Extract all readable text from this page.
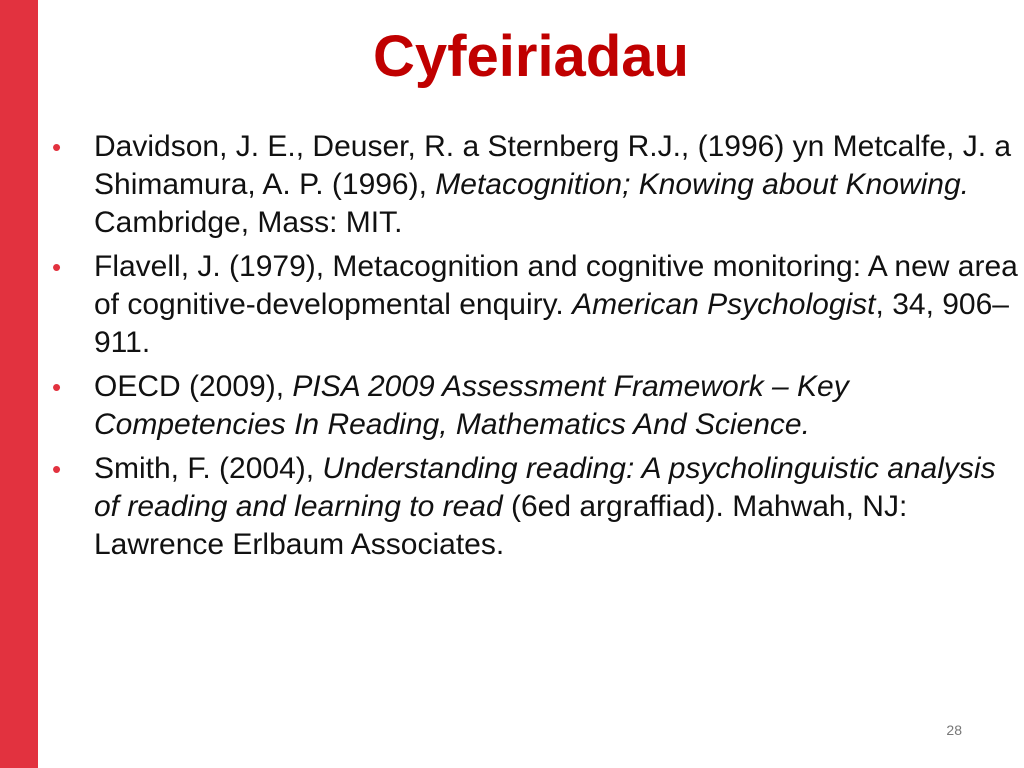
Cyfeiriadau
• Davidson, J. E., Deuser, R. a Sternberg R.J., (1996) yn Metcalfe, J. a Shimamura, A. P. (1996), Metacognition; Knowing about Knowing. Cambridge, Mass: MIT.
• Flavell, J. (1979), Metacognition and cognitive monitoring: A new area of cognitive-developmental enquiry. American Psychologist, 34, 906–911.
• OECD (2009), PISA 2009 Assessment Framework – Key Competencies In Reading, Mathematics And Science.
• Smith, F. (2004), Understanding reading: A psycholinguistic analysis of reading and learning to read (6ed argraffiad). Mahwah, NJ: Lawrence Erlbaum Associates.
28
